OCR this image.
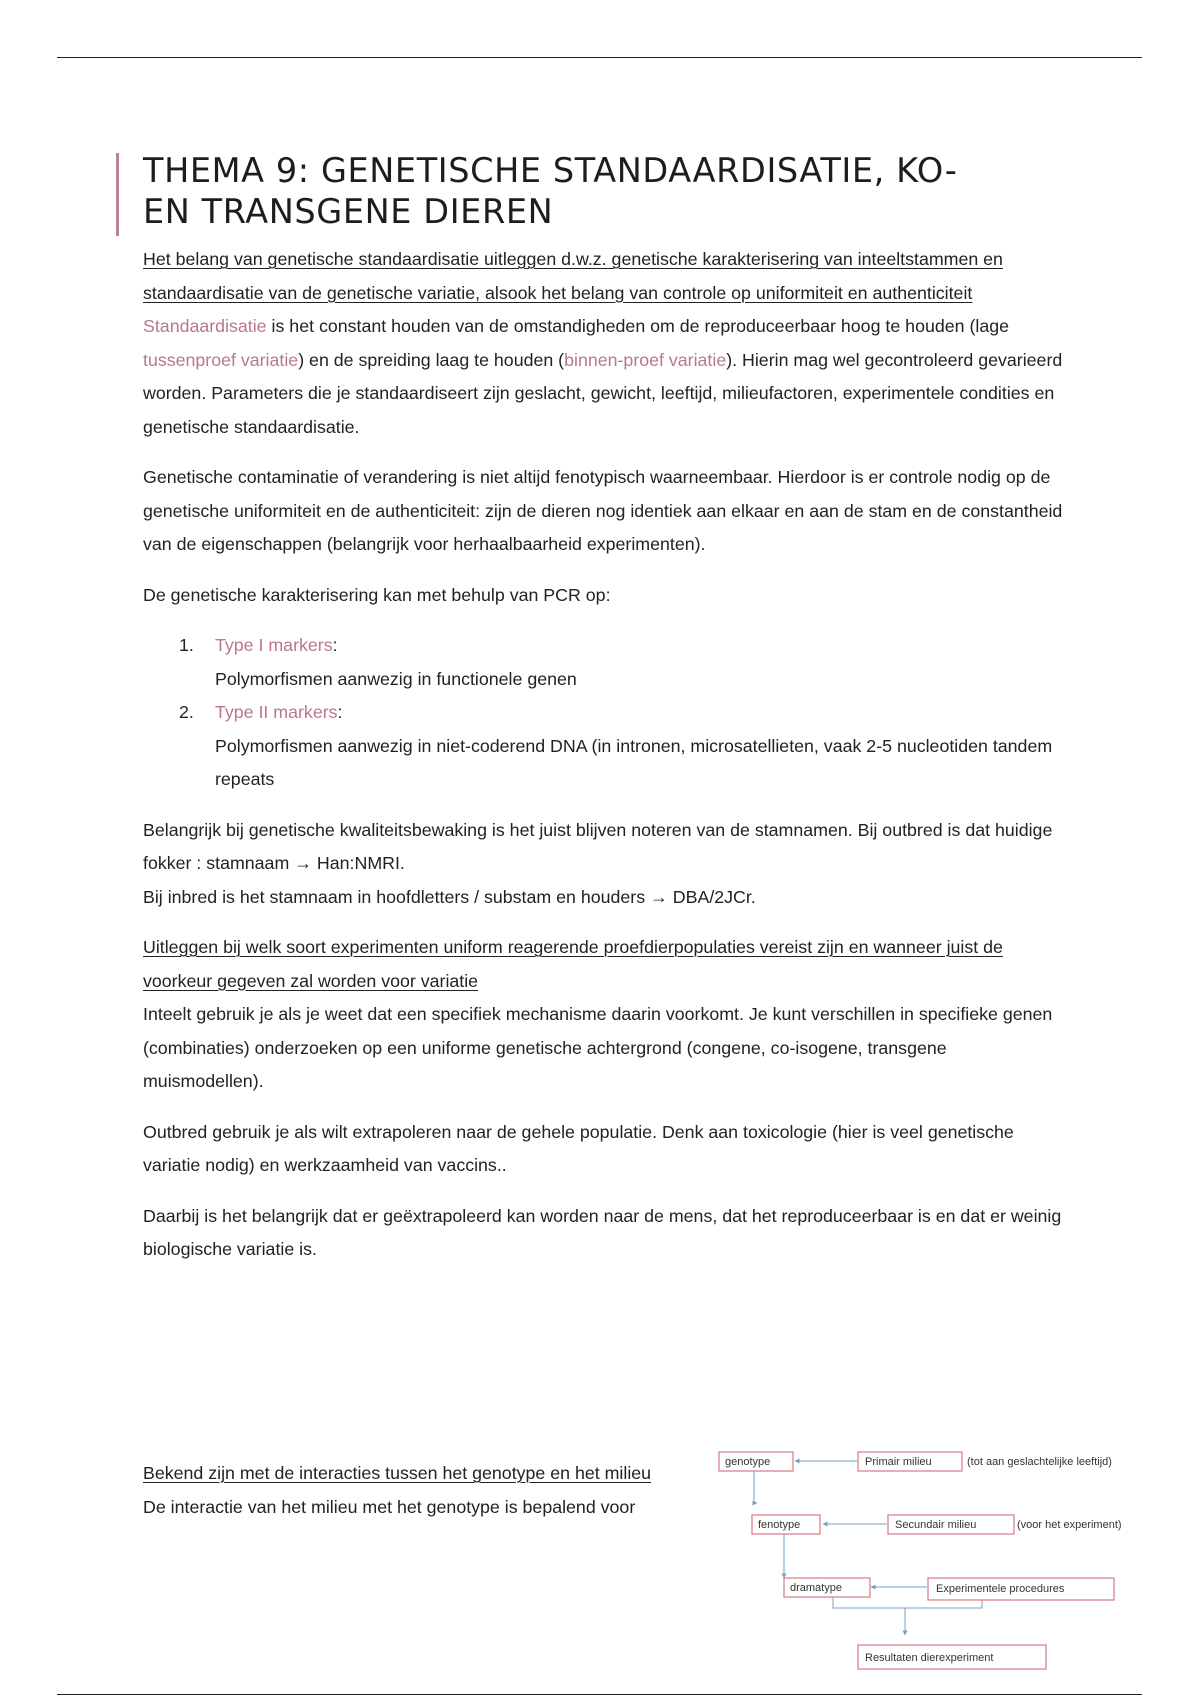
THEMA 9: GENETISCHE STANDAARDISATIE, KO-
EN TRANSGENE DIEREN
Het belang van genetische standaardisatie uitleggen d.w.z. genetische karakterisering van inteeltstammen en standaardisatie van de genetische variatie, alsook het belang van controle op uniformiteit en authenticiteit

Standaardisatie is het constant houden van de omstandigheden om de reproduceerbaar hoog te houden (lage tussenproef variatie) en de spreiding laag te houden (binnen-proef variatie). Hierin mag wel gecontroleerd gevarieerd worden. Parameters die je standaardiseert zijn geslacht, gewicht, leeftijd, milieufactoren, experimentele condities en genetische standaardisatie.

Genetische contaminatie of verandering is niet altijd fenotypisch waarneembaar. Hierdoor is er controle nodig op de genetische uniformiteit en de authenticiteit: zijn de dieren nog identiek aan elkaar en aan de stam en de constantheid van de eigenschappen (belangrijk voor herhaalbaarheid experimenten).

De genetische karakterisering kan met behulp van PCR op:

1. Type I markers:
Polymorfismen aanwezig in functionele genen
2. Type II markers:
Polymorfismen aanwezig in niet-coderend DNA (in intronen, microsatellieten, vaak 2-5 nucleotiden tandem repeats

Belangrijk bij genetische kwaliteitsbewaking is het juist blijven noteren van de stamnamen. Bij outbred is dat huidige fokker : stamnaam → Han:NMRI.
Bij inbred is het stamnaam in hoofdletters / substam en houders → DBA/2JCr.

Uitleggen bij welk soort experimenten uniform reagerende proefdierpopulaties vereist zijn en wanneer juist de voorkeur gegeven zal worden voor variatie

Inteelt gebruik je als je weet dat een specifiek mechanisme daarin voorkomt. Je kunt verschillen in specifieke genen (combinaties) onderzoeken op een uniforme genetische achtergrond (congene, co-isogene, transgene muismodellen).

Outbred gebruik je als wilt extrapoleren naar de gehele populatie. Denk aan toxicologie (hier is veel genetische variatie nodig) en werkzaamheid van vaccins..

Daarbij is het belangrijk dat er geëxtrapoleerd kan worden naar de mens, dat het reproduceerbaar is en dat er weinig biologische variatie is.

Bekend zijn met de interacties tussen het genotype en het milieu
De interactie van het milieu met het genotype is bepalend voor
genotype	Primair milieu	(tot aan geslachtelijke leeftijd)
fenotype	Secundair milieu	(voor het experiment)
dramatype	Experimentele procedures
Resultaten dierexperiment
